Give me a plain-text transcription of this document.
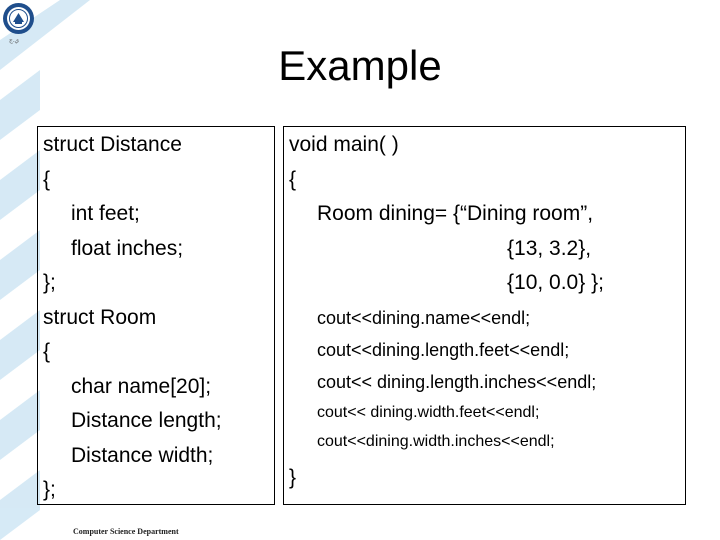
ي.ج
Example
struct Distance
{
int feet;
float inches;
};
struct Room
{
char name[20];
Distance length;
Distance width;
};
void main( )
{
Room dining= {“Dining room”,
{13, 3.2},
{10, 0.0} };
cout<<dining.name<<endl;
cout<<dining.length.feet<<endl;
cout<< dining.length.inches<<endl;
cout<< dining.width.feet<<endl;
cout<<dining.width.inches<<endl;
}
Computer Science Department
